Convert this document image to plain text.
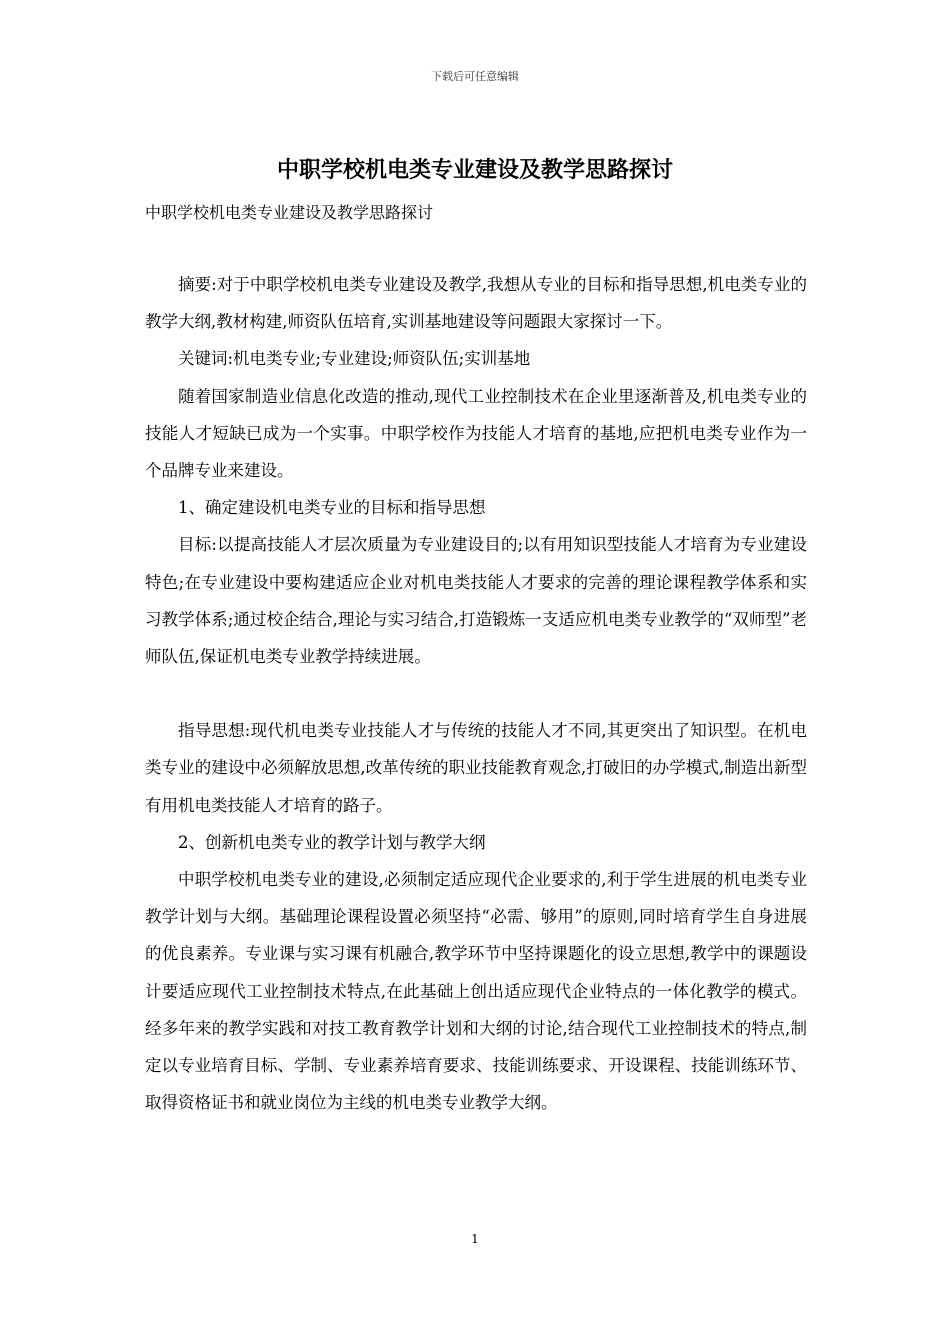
下载后可任意编辑
中职学校机电类专业建设及教学思路探讨

中职学校机电类专业建设及教学思路探讨

摘要:对于中职学校机电类专业建设及教学,我想从专业的目标和指导思想,机电类专业的教学大纲,教材构建,师资队伍培育,实训基地建设等问题跟大家探讨一下。

关键词:机电类专业;专业建设;师资队伍;实训基地

随着国家制造业信息化改造的推动,现代工业控制技术在企业里逐渐普及,机电类专业的技能人才短缺已成为一个实事。中职学校作为技能人才培育的基地,应把机电类专业作为一个品牌专业来建设。

1、确定建设机电类专业的目标和指导思想

目标:以提高技能人才层次质量为专业建设目的;以有用知识型技能人才培育为专业建设特色;在专业建设中要构建适应企业对机电类技能人才要求的完善的理论课程教学体系和实习教学体系;通过校企结合,理论与实习结合,打造锻炼一支适应机电类专业教学的“双师型”老师队伍,保证机电类专业教学持续进展。

指导思想:现代机电类专业技能人才与传统的技能人才不同,其更突出了知识型。在机电类专业的建设中必须解放思想,改革传统的职业技能教育观念,打破旧的办学模式,制造出新型有用机电类技能人才培育的路子。

2、创新机电类专业的教学计划与教学大纲

中职学校机电类专业的建设,必须制定适应现代企业要求的,利于学生进展的机电类专业教学计划与大纲。基础理论课程设置必须坚持“必需、够用”的原则,同时培育学生自身进展的优良素养。专业课与实习课有机融合,教学环节中坚持课题化的设立思想,教学中的课题设计要适应现代工业控制技术特点,在此基础上创出适应现代企业特点的一体化教学的模式。经多年来的教学实践和对技工教育教学计划和大纲的讨论,结合现代工业控制技术的特点,制定以专业培育目标、学制、专业素养培育要求、技能训练要求、开设课程、技能训练环节、取得资格证书和就业岗位为主线的机电类专业教学大纲。

1
